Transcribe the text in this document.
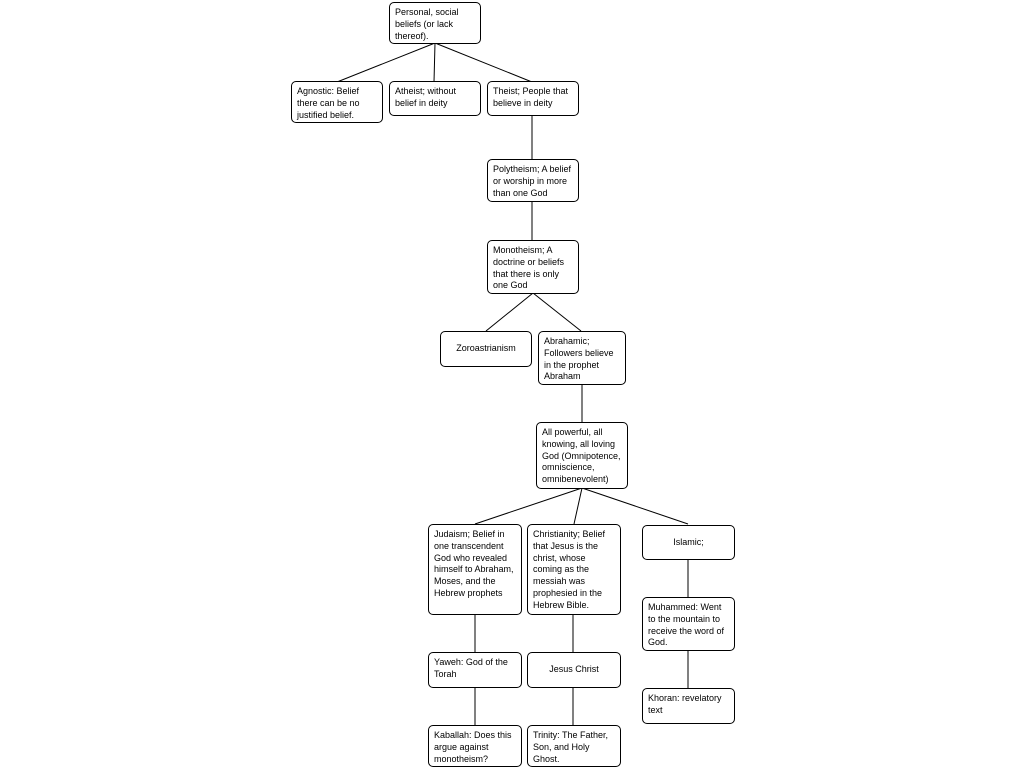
Personal, social beliefs (or lack thereof).
Agnostic: Belief there can be no justified belief.
Atheist; without belief in deity
Theist; People that believe in deity
Polytheism; A belief or worship in more than one God
Monotheism; A doctrine or beliefs that there is only one God
Zoroastrianism
Abrahamic; Followers believe in the prophet Abraham
All powerful, all knowing, all loving God (Omnipotence, omniscience, omnibenevolent)
Judaism; Belief in one transcendent God who revealed himself to Abraham, Moses, and the Hebrew prophets
Christianity; Belief that Jesus is the christ, whose coming as the messiah was prophesied in the Hebrew Bible.
Islamic;
Yaweh: God of the Torah	Jesus Christ
Muhammed: Went to the mountain to receive the word of God.
Khoran: revelatory text
Kaballah: Does this argue against monotheism?
Trinity: The Father, Son, and Holy Ghost.
